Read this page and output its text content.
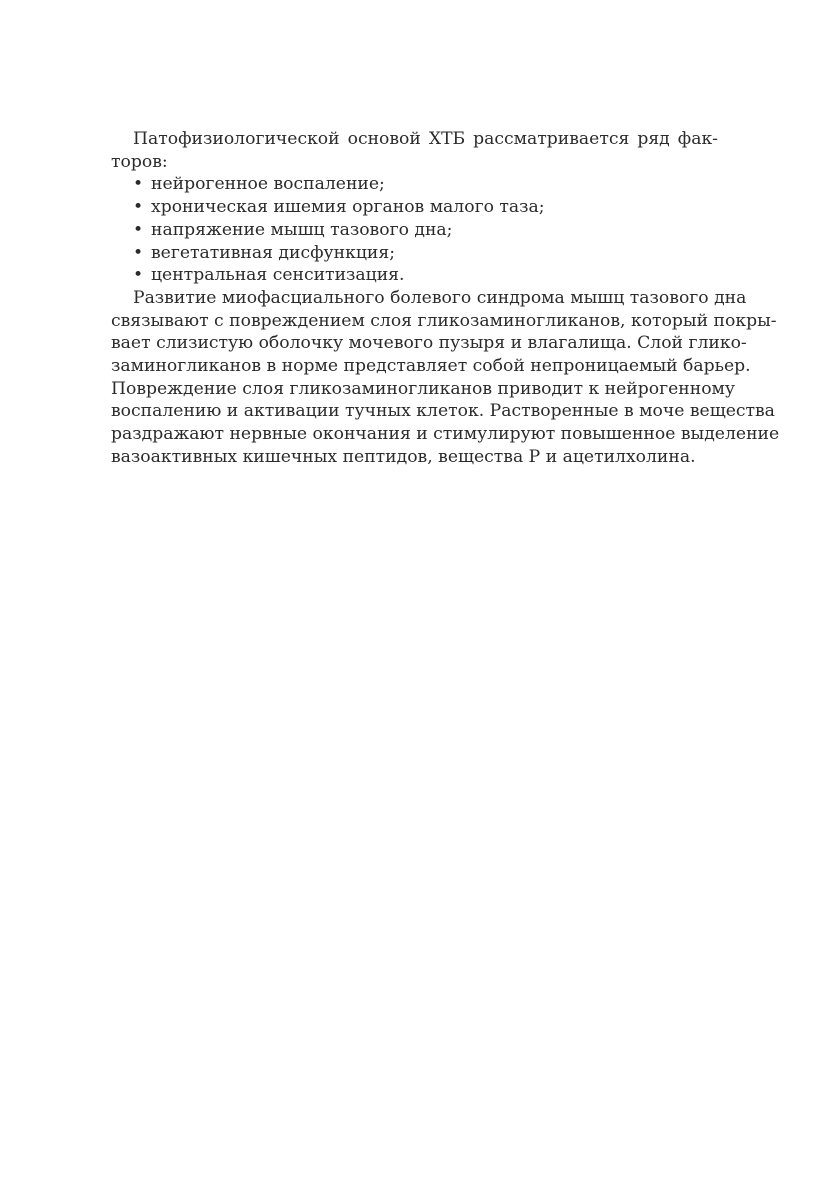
Патофизиологической основой ХТБ рассматривается ряд фак-
торов:
• нейрогенное воспаление;
• хроническая ишемия органов малого таза;
• напряжение мышц тазового дна;
• вегетативная дисфункция;
• центральная сенситизация.
Развитие миофасциального болевого синдрома мышц тазового дна
связывают с повреждением слоя гликозаминогликанов, который покры-
вает слизистую оболочку мочевого пузыря и влагалища. Слой глико-
заминогликанов в норме представляет собой непроницаемый барьер.
Повреждение слоя гликозаминогликанов приводит к нейрогенному
воспалению и активации тучных клеток. Растворенные в моче вещества
раздражают нервные окончания и стимулируют повышенное выделение
вазоактивных кишечных пептидов, вещества Р и ацетилхолина.
